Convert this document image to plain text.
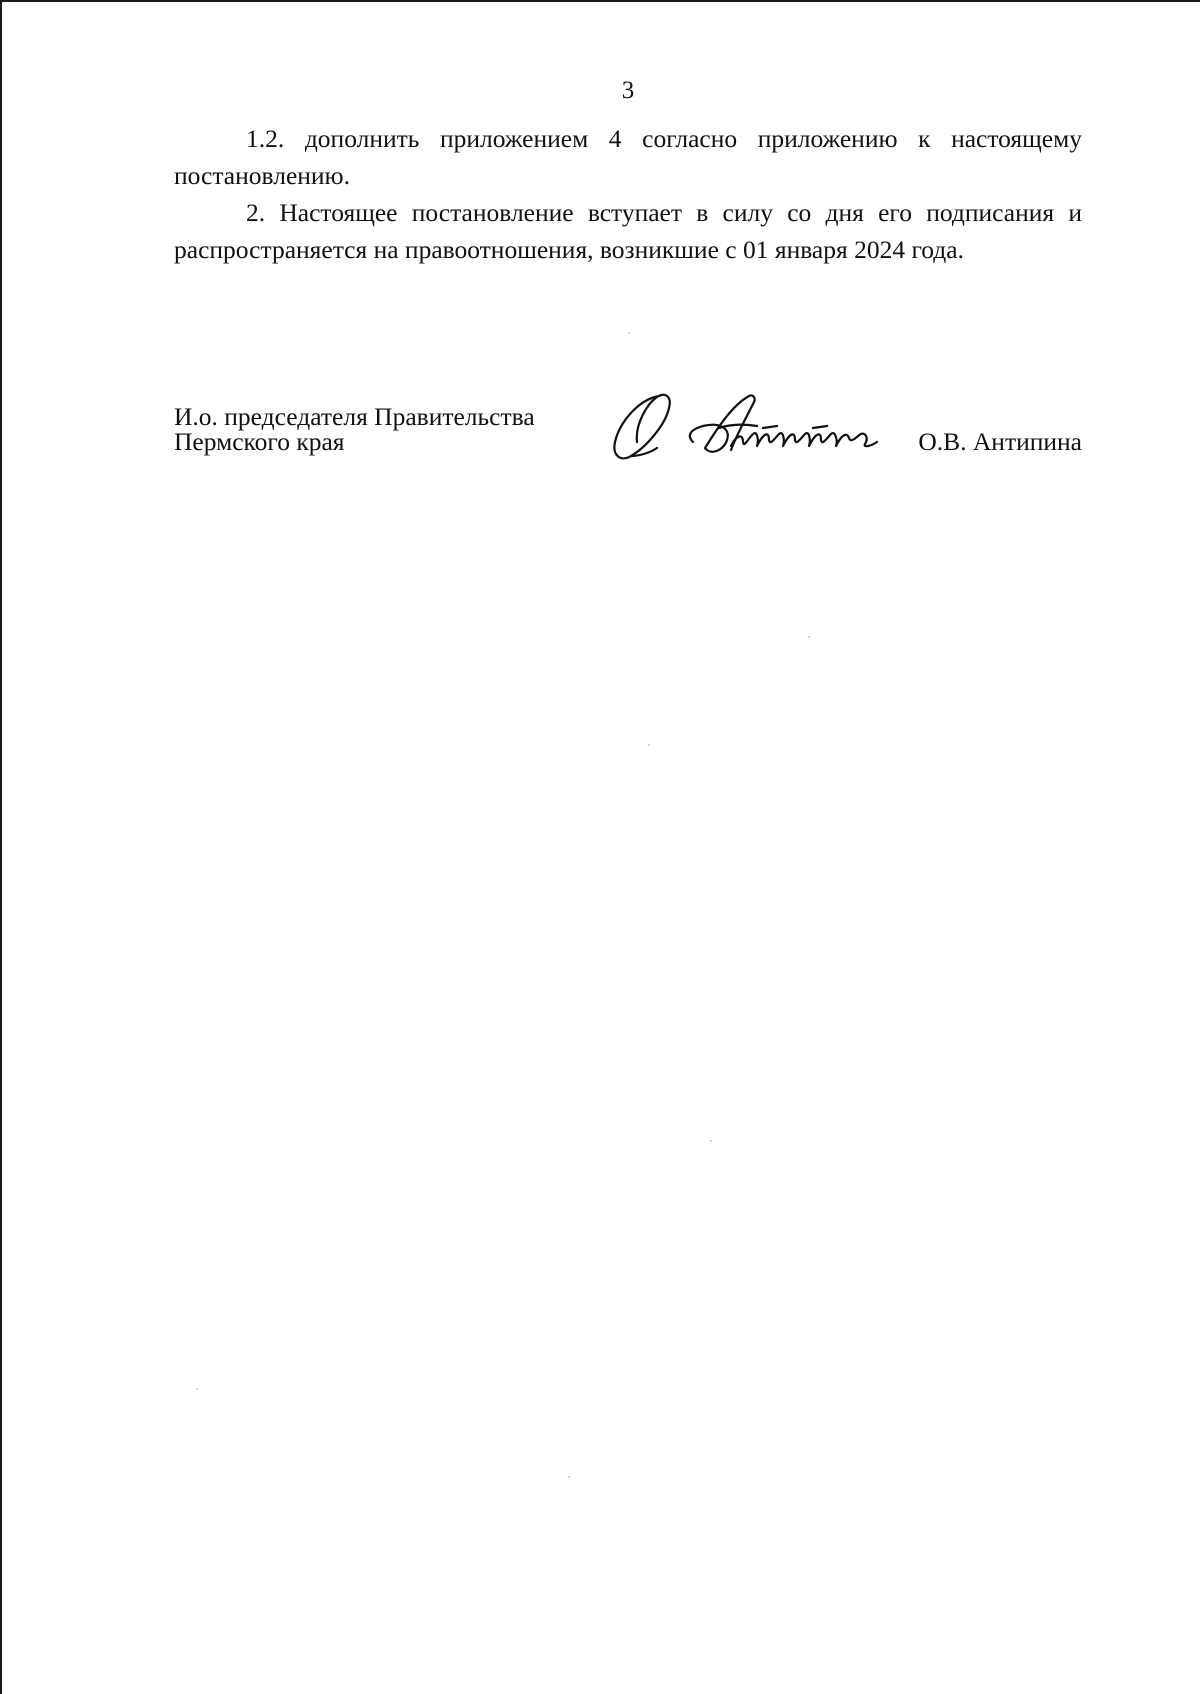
3

1.2. дополнить приложением 4 согласно приложению к настоящему постановлению.

2. Настоящее постановление вступает в силу со дня его подписания и распространяется на правоотношения, возникшие с 01 января 2024 года.

И.о. председателя Правительства
Пермского края	О.В. Антипина
